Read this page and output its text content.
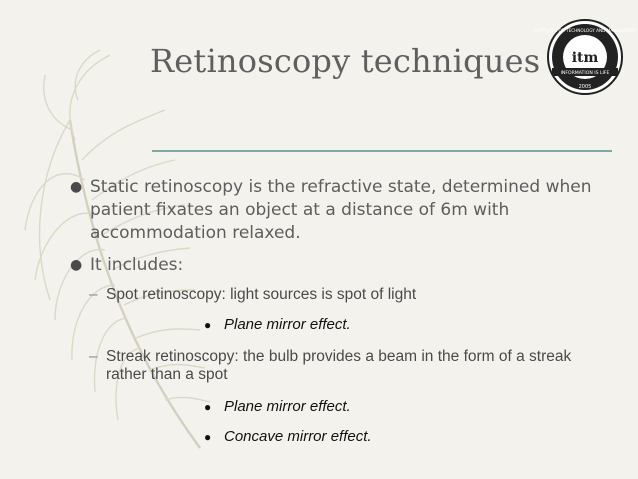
Retinoscopy techniques
INSTITUTE FOR TECHNOLOGY AND MANAGEMENT
itm
INFORMATION IS LIFE
2005
● Static retinoscopy is the refractive state, determined when patient fixates an object at a distance of 6m with accommodation relaxed.
● It includes:
– Spot retinoscopy: light sources is spot of light
● Plane mirror effect.
– Streak retinoscopy: the bulb provides a beam in the form of a streak rather than a spot
● Plane mirror effect.
● Concave mirror effect.
